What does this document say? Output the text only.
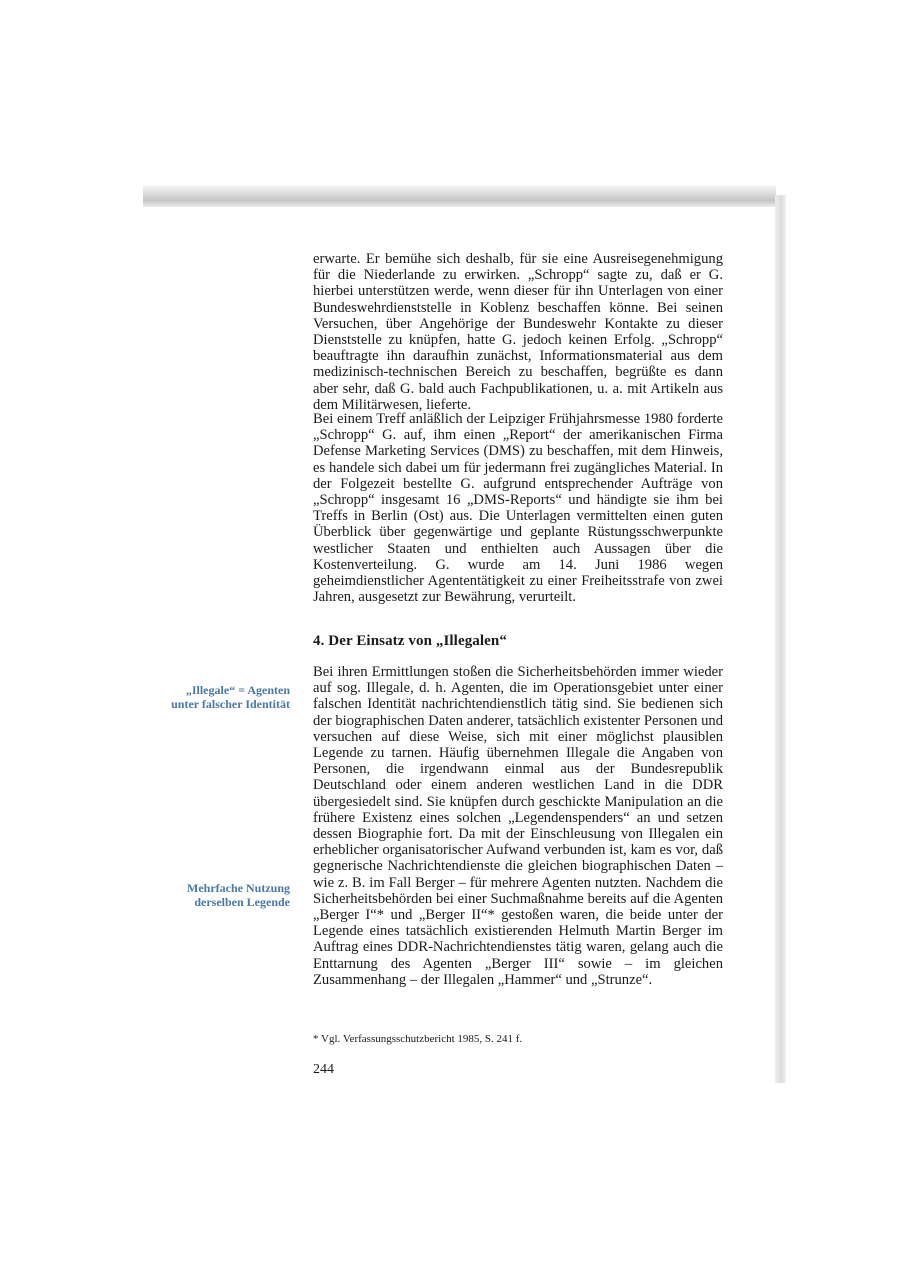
erwarte. Er bemühe sich deshalb, für sie eine Ausreisegenehmigung für die Niederlande zu erwirken. „Schropp“ sagte zu, daß er G. hierbei unterstützen werde, wenn dieser für ihn Unterlagen von einer Bundeswehrdienststelle in Koblenz beschaffen könne. Bei seinen Versuchen, über Angehörige der Bundeswehr Kontakte zu dieser Dienststelle zu knüpfen, hatte G. jedoch keinen Erfolg. „Schropp“ beauftragte ihn daraufhin zunächst, Informationsmaterial aus dem medizinisch-technischen Bereich zu beschaffen, begrüßte es dann aber sehr, daß G. bald auch Fachpublikationen, u. a. mit Artikeln aus dem Militärwesen, lieferte.

Bei einem Treff anläßlich der Leipziger Frühjahrsmesse 1980 forderte „Schropp“ G. auf, ihm einen „Report“ der amerikanischen Firma Defense Marketing Services (DMS) zu beschaffen, mit dem Hinweis, es handele sich dabei um für jedermann frei zugängliches Material. In der Folgezeit bestellte G. aufgrund entsprechender Aufträge von „Schropp“ insgesamt 16 „DMS-Reports“ und händigte sie ihm bei Treffs in Berlin (Ost) aus. Die Unterlagen vermittelten einen guten Überblick über gegenwärtige und geplante Rüstungsschwerpunkte westlicher Staaten und enthielten auch Aussagen über die Kostenverteilung. G. wurde am 14. Juni 1986 wegen geheimdienstlicher Agententätigkeit zu einer Freiheitsstrafe von zwei Jahren, ausgesetzt zur Bewährung, verurteilt.

4. Der Einsatz von „Illegalen“
„Illegale“ = Agenten unter falscher Identität

Bei ihren Ermittlungen stoßen die Sicherheitsbehörden immer wieder auf sog. Illegale, d. h. Agenten, die im Operationsgebiet unter einer falschen Identität nachrichtendienstlich tätig sind. Sie bedienen sich der biographischen Daten anderer, tatsächlich existenter Personen und versuchen auf diese Weise, sich mit einer möglichst plausiblen Legende zu tarnen. Häufig übernehmen Illegale die Angaben von Personen, die irgendwann einmal aus der Bundesrepublik Deutschland oder einem anderen westlichen Land in die DDR übergesiedelt sind. Sie knüpfen durch geschickte Manipulation an die frühere Existenz eines solchen „Legendenspenders“ an und setzen dessen Biographie fort. Da mit der Einschleusung von Illegalen ein erheblicher organisatorischer Aufwand verbunden ist, kam es vor, daß gegnerische Nachrichtendienste die gleichen biographischen Daten – wie z. B. im Fall Berger – für mehrere Agenten nutzten. Nachdem die Sicherheitsbehörden bei einer Suchmaßnahme bereits auf die Agenten „Berger I“* und „Berger II“* gestoßen waren, die beide unter der Legende eines tatsächlich existierenden Helmuth Martin Berger im Auftrag eines DDR-Nachrichtendienstes tätig waren, gelang auch die Enttarnung des Agenten „Berger III“ sowie – im gleichen Zusammenhang – der Illegalen „Hammer“ und „Strunze“.

Mehrfache Nutzung derselben Legende
* Vgl. Verfassungsschutzbericht 1985, S. 241 f.
244
